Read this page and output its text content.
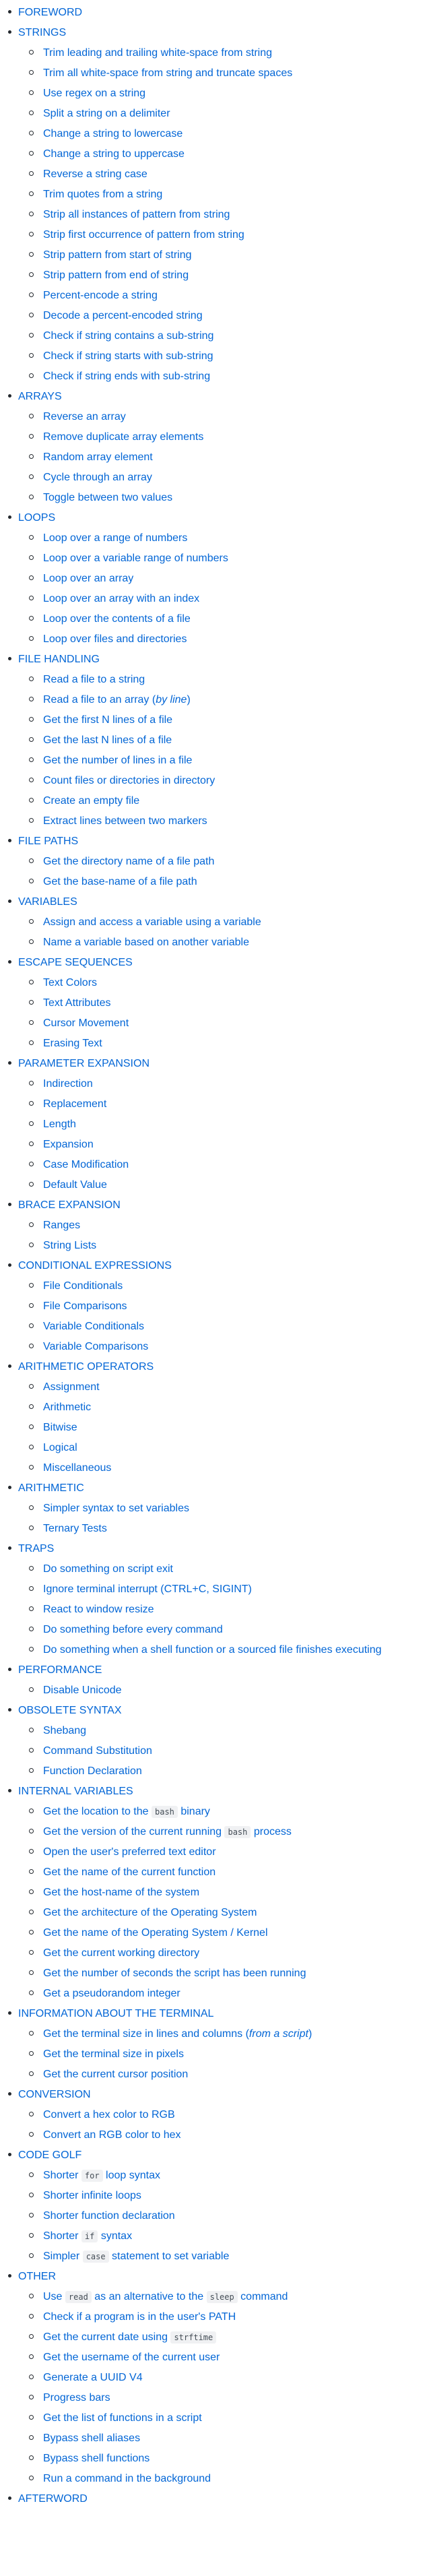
FOREWORD
STRINGS
Trim leading and trailing white-space from string
Trim all white-space from string and truncate spaces
Use regex on a string
Split a string on a delimiter
Change a string to lowercase
Change a string to uppercase
Reverse a string case
Trim quotes from a string
Strip all instances of pattern from string
Strip first occurrence of pattern from string
Strip pattern from start of string
Strip pattern from end of string
Percent-encode a string
Decode a percent-encoded string
Check if string contains a sub-string
Check if string starts with sub-string
Check if string ends with sub-string
ARRAYS
Reverse an array
Remove duplicate array elements
Random array element
Cycle through an array
Toggle between two values
LOOPS
Loop over a range of numbers
Loop over a variable range of numbers
Loop over an array
Loop over an array with an index
Loop over the contents of a file
Loop over files and directories
FILE HANDLING
Read a file to a string
Read a file to an array (by line)
Get the first N lines of a file
Get the last N lines of a file
Get the number of lines in a file
Count files or directories in directory
Create an empty file
Extract lines between two markers
FILE PATHS
Get the directory name of a file path
Get the base-name of a file path
VARIABLES
Assign and access a variable using a variable
Name a variable based on another variable
ESCAPE SEQUENCES
Text Colors
Text Attributes
Cursor Movement
Erasing Text
PARAMETER EXPANSION
Indirection
Replacement
Length
Expansion
Case Modification
Default Value
BRACE EXPANSION
Ranges
String Lists
CONDITIONAL EXPRESSIONS
File Conditionals
File Comparisons
Variable Conditionals
Variable Comparisons
ARITHMETIC OPERATORS
Assignment
Arithmetic
Bitwise
Logical
Miscellaneous
ARITHMETIC
Simpler syntax to set variables
Ternary Tests
TRAPS
Do something on script exit
Ignore terminal interrupt (CTRL+C, SIGINT)
React to window resize
Do something before every command
Do something when a shell function or a sourced file finishes executing
PERFORMANCE
Disable Unicode
OBSOLETE SYNTAX
Shebang
Command Substitution
Function Declaration
INTERNAL VARIABLES
Get the location to the bash binary
Get the version of the current running bash process
Open the user's preferred text editor
Get the name of the current function
Get the host-name of the system
Get the architecture of the Operating System
Get the name of the Operating System / Kernel
Get the current working directory
Get the number of seconds the script has been running
Get a pseudorandom integer
INFORMATION ABOUT THE TERMINAL
Get the terminal size in lines and columns (from a script)
Get the terminal size in pixels
Get the current cursor position
CONVERSION
Convert a hex color to RGB
Convert an RGB color to hex
CODE GOLF
Shorter for loop syntax
Shorter infinite loops
Shorter function declaration
Shorter if syntax
Simpler case statement to set variable
OTHER
Use read as an alternative to the sleep command
Check if a program is in the user's PATH
Get the current date using strftime
Get the username of the current user
Generate a UUID V4
Progress bars
Get the list of functions in a script
Bypass shell aliases
Bypass shell functions
Run a command in the background
AFTERWORD
